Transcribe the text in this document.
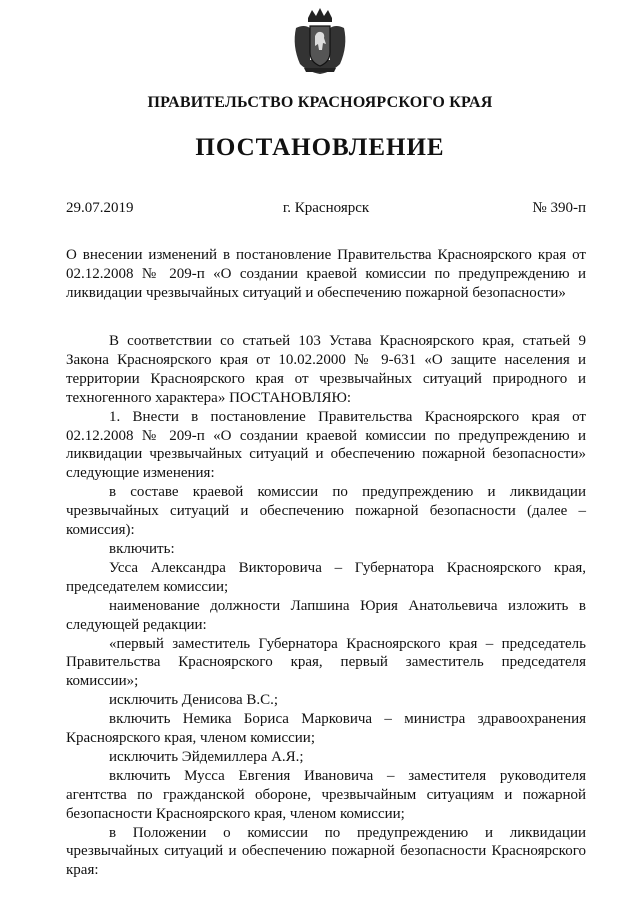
ПРАВИТЕЛЬСТВО КРАСНОЯРСКОГО КРАЯ
ПОСТАНОВЛЕНИЕ
29.07.2019	г. Красноярск	№ 390-п
О внесении изменений в постановление Правительства Красноярского края от 02.12.2008 № 209-п «О создании краевой комиссии по предупреждению и ликвидации чрезвычайных ситуаций и обеспечению пожарной безопасности»

В соответствии со статьей 103 Устава Красноярского края, статьей 9 Закона Красноярского края от 10.02.2000 № 9-631 «О защите населения и территории Красноярского края от чрезвычайных ситуаций природного и техногенного характера» ПОСТАНОВЛЯЮ:

1. Внести в постановление Правительства Красноярского края от 02.12.2008 № 209-п «О создании краевой комиссии по предупреждению и ликвидации чрезвычайных ситуаций и обеспечению пожарной безопасности» следующие изменения:

в составе краевой комиссии по предупреждению и ликвидации чрезвычайных ситуаций и обеспечению пожарной безопасности (далее – комиссия):

включить:

Усса Александра Викторовича – Губернатора Красноярского края, председателем комиссии;

наименование должности Лапшина Юрия Анатольевича изложить в следующей редакции:

«первый заместитель Губернатора Красноярского края – председатель Правительства Красноярского края, первый заместитель председателя комиссии»;

исключить Денисова В.С.;

включить Немика Бориса Марковича – министра здравоохранения Красноярского края, членом комиссии;

исключить Эйдемиллера А.Я.;

включить Мусса Евгения Ивановича – заместителя руководителя агентства по гражданской обороне, чрезвычайным ситуациям и пожарной безопасности Красноярского края, членом комиссии;

в Положении о комиссии по предупреждению и ликвидации чрезвычайных ситуаций и обеспечению пожарной безопасности Красноярского края:
